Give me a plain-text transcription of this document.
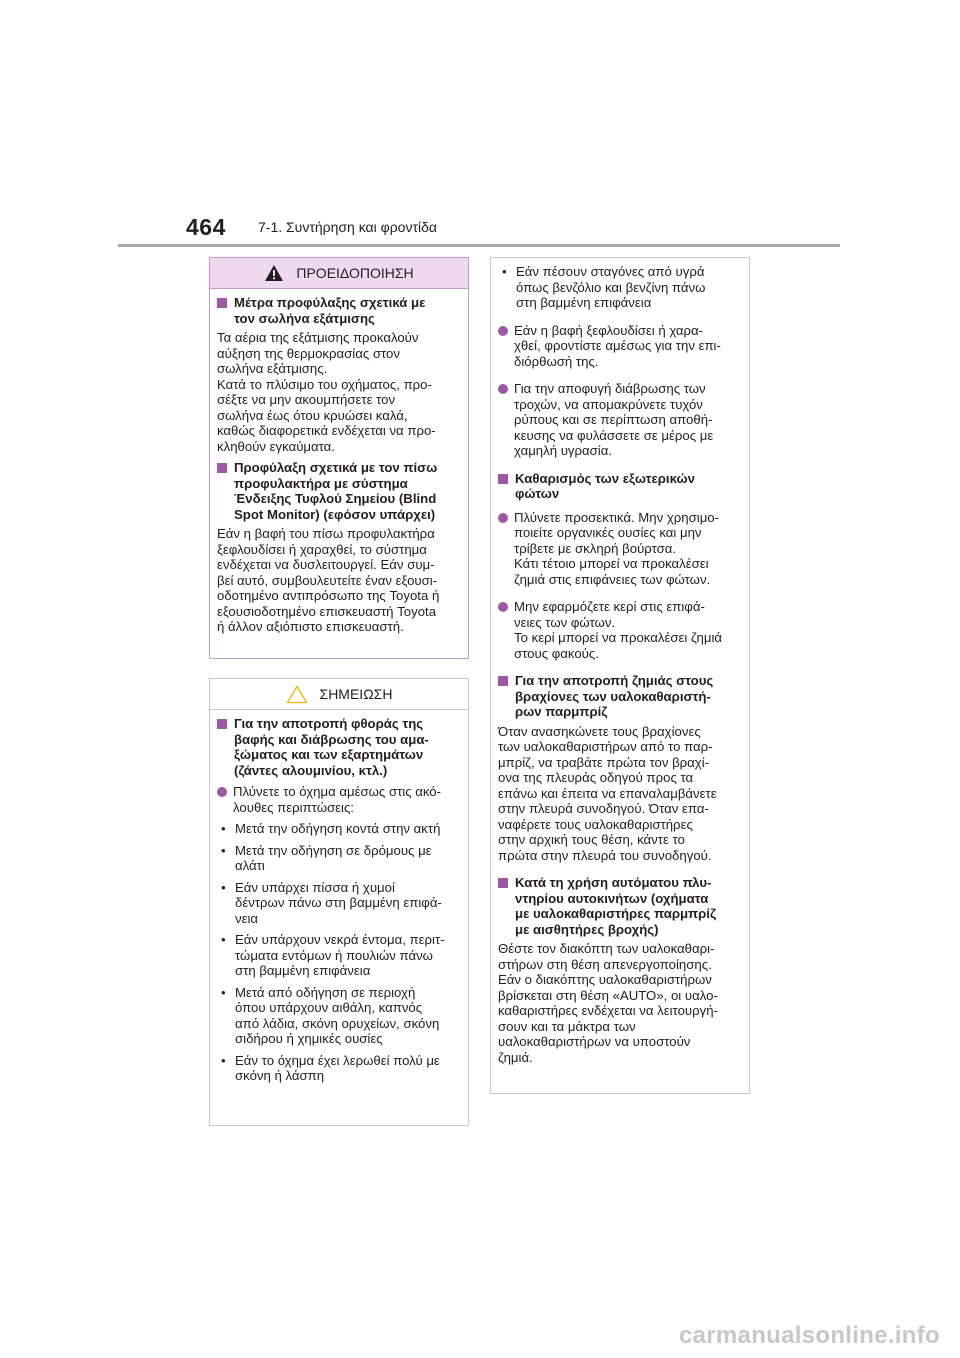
464 7-1. Συντήρηση και φροντίδα
ΠΡΟΕΙΔΟΠΟΙΗΣΗ
Μέτρα προφύλαξης σχετικά με
τον σωλήνα εξάτμισης
Τα αέρια της εξάτμισης προκαλούν
αύξηση της θερμοκρασίας στον
σωλήνα εξάτμισης.
Κατά το πλύσιμο του οχήματος, προ-
σέξτε να μην ακουμπήσετε τον
σωλήνα έως ότου κρυώσει καλά,
καθώς διαφορετικά ενδέχεται να προ-
κληθούν εγκαύματα.
Προφύλαξη σχετικά με τον πίσω
προφυλακτήρα με σύστημα
Ένδειξης Τυφλού Σημείου (Blind
Spot Monitor) (εφόσον υπάρχει)
Εάν η βαφή του πίσω προφυλακτήρα
ξεφλουδίσει ή χαραχθεί, το σύστημα
ενδέχεται να δυσλειτουργεί. Εάν συμ-
βεί αυτό, συμβουλευτείτε έναν εξουσι-
οδοτημένο αντιπρόσωπο της Toyota ή
εξουσιοδοτημένο επισκευαστή Toyota
ή άλλον αξιόπιστο επισκευαστή.
ΣΗΜΕΙΩΣΗ
Για την αποτροπή φθοράς της
βαφής και διάβρωσης του αμα-
ξώματος και των εξαρτημάτων
(ζάντες αλουμινίου, κτλ.)
Πλύνετε το όχημα αμέσως στις ακό-
λουθες περιπτώσεις:
• Μετά την οδήγηση κοντά στην ακτή
• Μετά την οδήγηση σε δρόμους με
αλάτι
• Εάν υπάρχει πίσσα ή χυμοί
δέντρων πάνω στη βαμμένη επιφά-
νεια
• Εάν υπάρχουν νεκρά έντομα, περιτ-
τώματα εντόμων ή πουλιών πάνω
στη βαμμένη επιφάνεια
• Μετά από οδήγηση σε περιοχή
όπου υπάρχουν αιθάλη, καπνός
από λάδια, σκόνη ορυχείων, σκόνη
σιδήρου ή χημικές ουσίες
• Εάν το όχημα έχει λερωθεί πολύ με
σκόνη ή λάσπη
• Εάν πέσουν σταγόνες από υγρά
όπως βενζόλιο και βενζίνη πάνω
στη βαμμένη επιφάνεια
Εάν η βαφή ξεφλουδίσει ή χαρα-
χθεί, φροντίστε αμέσως για την επι-
διόρθωσή της.
Για την αποφυγή διάβρωσης των
τροχών, να απομακρύνετε τυχόν
ρύπους και σε περίπτωση αποθή-
κευσης να φυλάσσετε σε μέρος με
χαμηλή υγρασία.
Καθαρισμός των εξωτερικών
φώτων
Πλύνετε προσεκτικά. Μην χρησιμο-
ποιείτε οργανικές ουσίες και μην
τρίβετε με σκληρή βούρτσα.
Κάτι τέτοιο μπορεί να προκαλέσει
ζημιά στις επιφάνειες των φώτων.
Μην εφαρμόζετε κερί στις επιφά-
νειες των φώτων.
Το κερί μπορεί να προκαλέσει ζημιά
στους φακούς.
Για την αποτροπή ζημιάς στους
βραχίονες των υαλοκαθαριστή-
ρων παρμπρίζ
Όταν ανασηκώνετε τους βραχίονες
των υαλοκαθαριστήρων από το παρ-
μπρίζ, να τραβάτε πρώτα τον βραχί-
ονα της πλευράς οδηγού προς τα
επάνω και έπειτα να επαναλαμβάνετε
στην πλευρά συνοδηγού. Όταν επα-
ναφέρετε τους υαλοκαθαριστήρες
στην αρχική τους θέση, κάντε το
πρώτα στην πλευρά του συνοδηγού.
Κατά τη χρήση αυτόματου πλυ-
ντηρίου αυτοκινήτων (οχήματα
με υαλοκαθαριστήρες παρμπρίζ
με αισθητήρες βροχής)
Θέστε τον διακόπτη των υαλοκαθαρι-
στήρων στη θέση απενεργοποίησης.
Εάν ο διακόπτης υαλοκαθαριστήρων
βρίσκεται στη θέση «AUTO», οι υαλο-
καθαριστήρες ενδέχεται να λειτουργή-
σουν και τα μάκτρα των
υαλοκαθαριστήρων να υποστούν
ζημιά.
carmanualsonline.info
